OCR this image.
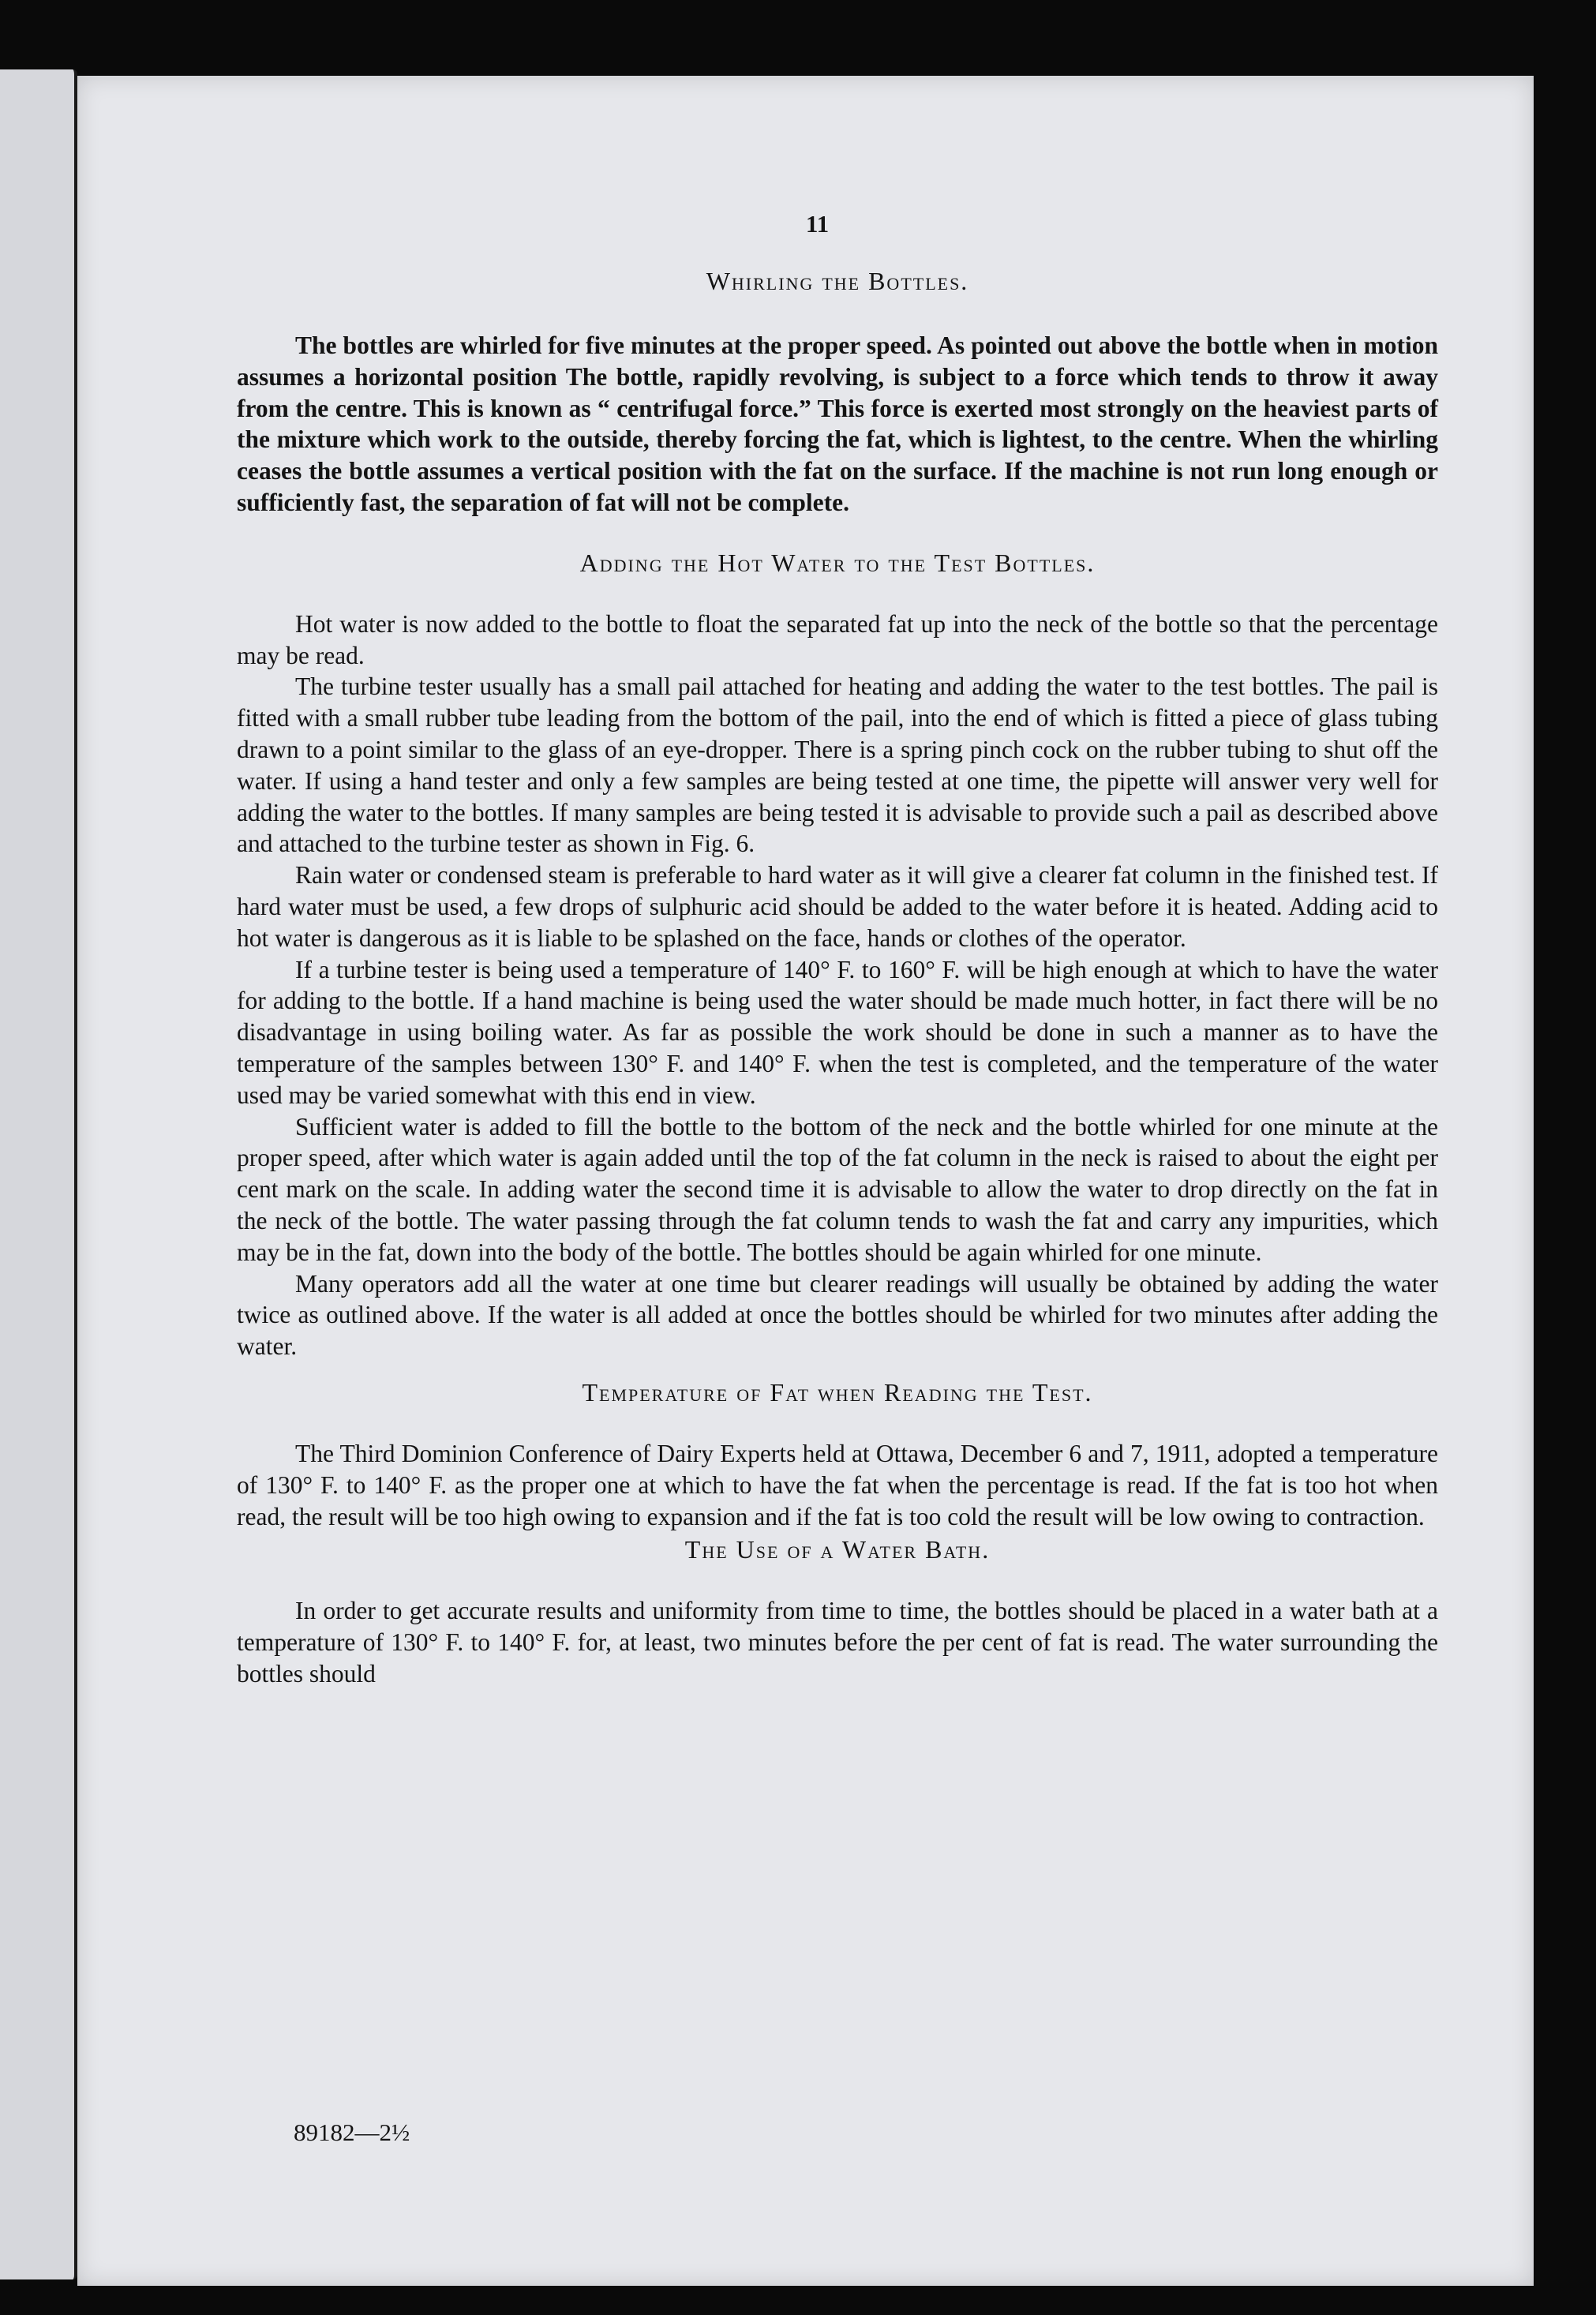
11
Whirling the Bottles.

The bottles are whirled for five minutes at the proper speed. As pointed out above the bottle when in motion assumes a horizontal position The bottle, rapidly revolving, is subject to a force which tends to throw it away from the centre. This is known as “ centrifugal force.” This force is exerted most strongly on the heaviest parts of the mixture which work to the outside, thereby forcing the fat, which is lightest, to the centre. When the whirling ceases the bottle assumes a vertical position with the fat on the surface. If the machine is not run long enough or sufficiently fast, the separation of fat will not be complete.

Adding the Hot Water to the Test Bottles.

Hot water is now added to the bottle to float the separated fat up into the neck of the bottle so that the percentage may be read.

The turbine tester usually has a small pail attached for heating and adding the water to the test bottles. The pail is fitted with a small rubber tube leading from the bottom of the pail, into the end of which is fitted a piece of glass tubing drawn to a point similar to the glass of an eye-dropper. There is a spring pinch cock on the rubber tubing to shut off the water. If using a hand tester and only a few samples are being tested at one time, the pipette will answer very well for adding the water to the bottles. If many samples are being tested it is advisable to provide such a pail as described above and attached to the turbine tester as shown in Fig. 6.

Rain water or condensed steam is preferable to hard water as it will give a clearer fat column in the finished test. If hard water must be used, a few drops of sulphuric acid should be added to the water before it is heated. Adding acid to hot water is dangerous as it is liable to be splashed on the face, hands or clothes of the operator.

If a turbine tester is being used a temperature of 140° F. to 160° F. will be high enough at which to have the water for adding to the bottle. If a hand machine is being used the water should be made much hotter, in fact there will be no disadvantage in using boiling water. As far as possible the work should be done in such a manner as to have the temperature of the samples between 130° F. and 140° F. when the test is completed, and the temperature of the water used may be varied somewhat with this end in view.

Sufficient water is added to fill the bottle to the bottom of the neck and the bottle whirled for one minute at the proper speed, after which water is again added until the top of the fat column in the neck is raised to about the eight per cent mark on the scale. In adding water the second time it is advisable to allow the water to drop directly on the fat in the neck of the bottle. The water passing through the fat column tends to wash the fat and carry any impurities, which may be in the fat, down into the body of the bottle. The bottles should be again whirled for one minute.

Many operators add all the water at one time but clearer readings will usually be obtained by adding the water twice as outlined above. If the water is all added at once the bottles should be whirled for two minutes after adding the water.

Temperature of Fat when Reading the Test.

The Third Dominion Conference of Dairy Experts held at Ottawa, December 6 and 7, 1911, adopted a temperature of 130° F. to 140° F. as the proper one at which to have the fat when the percentage is read. If the fat is too hot when read, the result will be too high owing to expansion and if the fat is too cold the result will be low owing to contraction.

The Use of a Water Bath.

In order to get accurate results and uniformity from time to time, the bottles should be placed in a water bath at a temperature of 130° F. to 140° F. for, at least, two minutes before the per cent of fat is read. The water surrounding the bottles should

89182—2½
